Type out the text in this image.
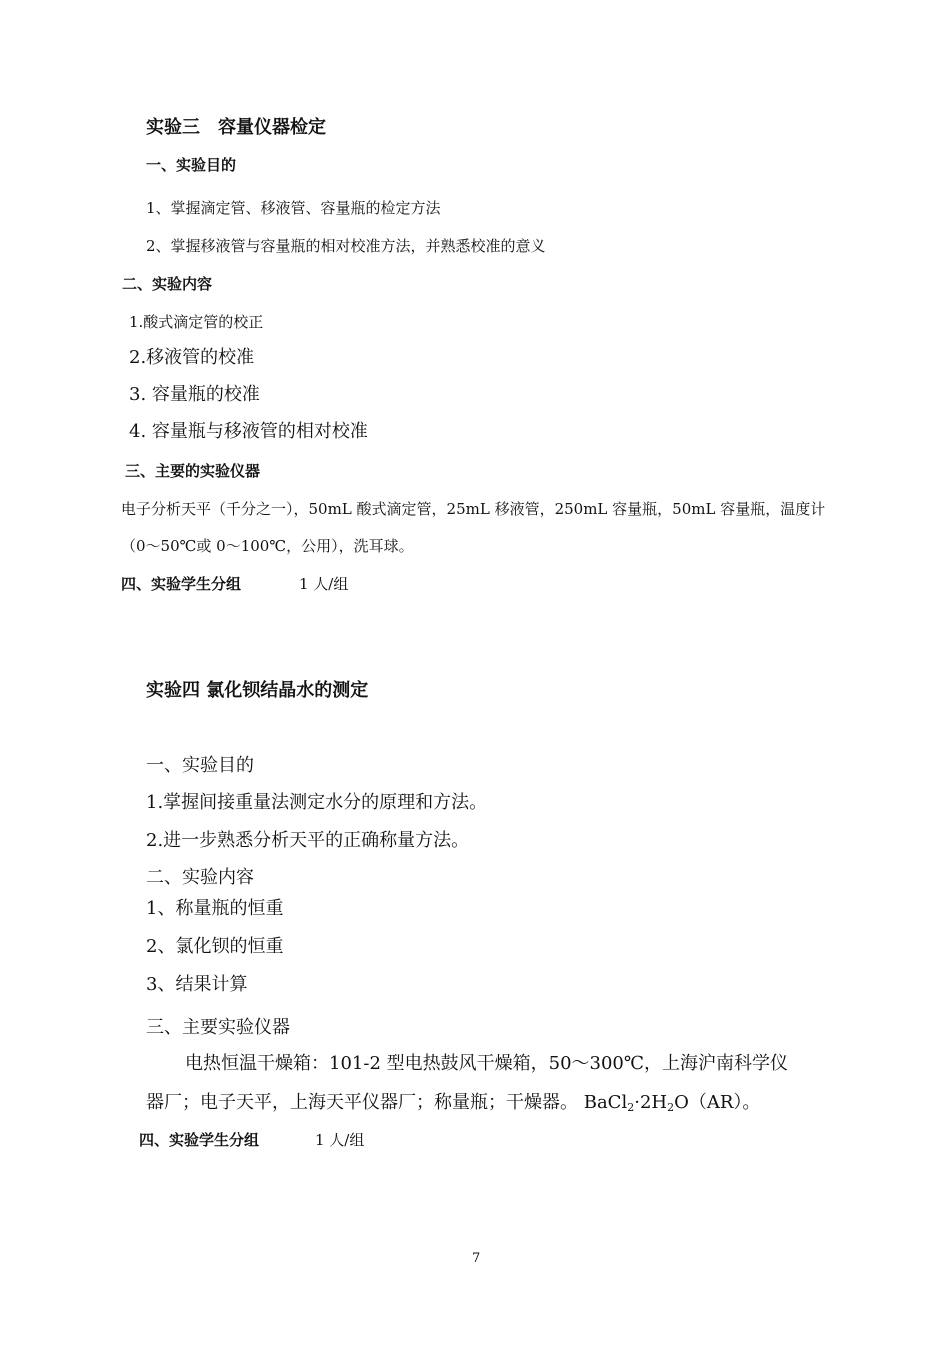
实验三　容量仪器检定
一、实验目的
1、掌握滴定管、移液管、容量瓶的检定方法
2、掌握移液管与容量瓶的相对校准方法，并熟悉校准的意义
二、实验内容
1.酸式滴定管的校正
2.移液管的校准
3. 容量瓶的校准
4. 容量瓶与移液管的相对校准
三、主要的实验仪器
电子分析天平（千分之一），50mL 酸式滴定管，25mL 移液管，250mL 容量瓶，50mL 容量瓶，温度计
（0～50℃或 0～100℃，公用），洗耳球。
四、实验学生分组	1 人/组
实验四 氯化钡结晶水的测定
一、实验目的
1.掌握间接重量法测定水分的原理和方法。
2.进一步熟悉分析天平的正确称量方法。
二、实验内容
1、称量瓶的恒重
2、氯化钡的恒重
3、结果计算
三、主要实验仪器
电热恒温干燥箱：101-2 型电热鼓风干燥箱，50～300℃，上海沪南科学仪
器厂；电子天平，上海天平仪器厂；称量瓶；干燥器。 $BaCl_2\cdot 2H_2O(AR)$。
四、实验学生分组	1 人/组
7
